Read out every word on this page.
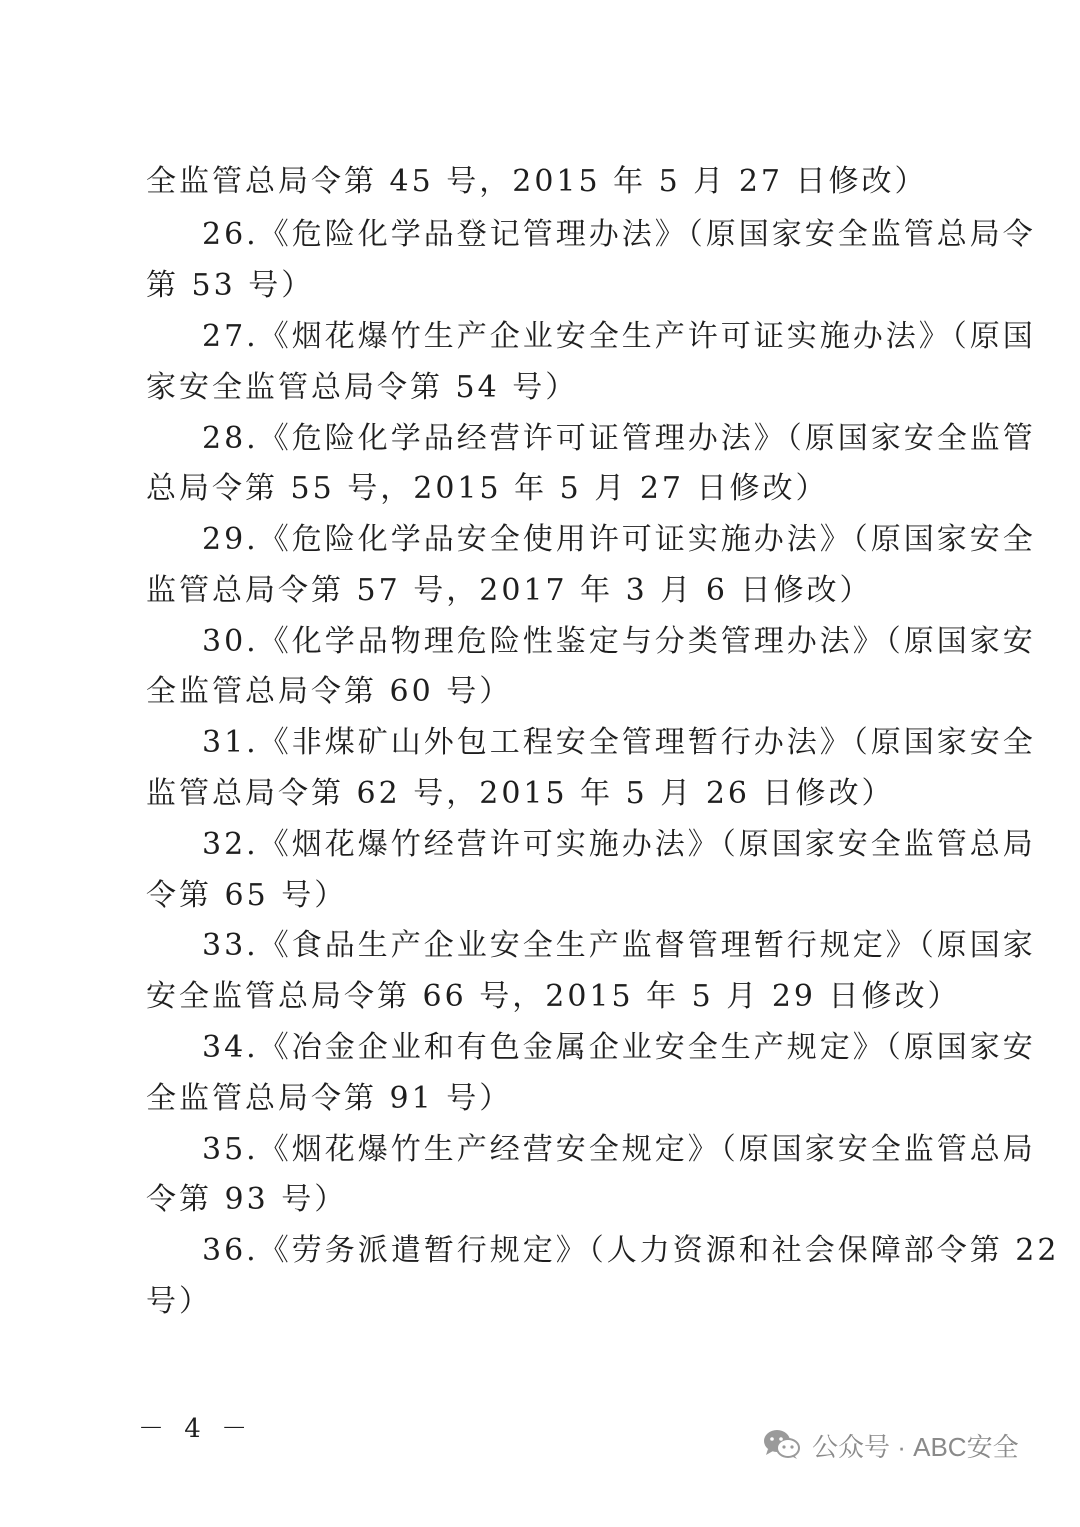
全监管总局令第 45 号，2015 年 5 月 27 日修改）
26.《危险化学品登记管理办法》（原国家安全监管总局令
第 53 号）
27.《烟花爆竹生产企业安全生产许可证实施办法》（原国
家安全监管总局令第 54 号）
28.《危险化学品经营许可证管理办法》（原国家安全监管
总局令第 55 号，2015 年 5 月 27 日修改）
29.《危险化学品安全使用许可证实施办法》（原国家安全
监管总局令第 57 号，2017 年 3 月 6 日修改）
30.《化学品物理危险性鉴定与分类管理办法》（原国家安
全监管总局令第 60 号）
31.《非煤矿山外包工程安全管理暂行办法》（原国家安全
监管总局令第 62 号，2015 年 5 月 26 日修改）
32.《烟花爆竹经营许可实施办法》（原国家安全监管总局
令第 65 号）
33.《食品生产企业安全生产监督管理暂行规定》（原国家
安全监管总局令第 66 号，2015 年 5 月 29 日修改）
34.《冶金企业和有色金属企业安全生产规定》（原国家安
全监管总局令第 91 号）
35.《烟花爆竹生产经营安全规定》（原国家安全监管总局
令第 93 号）
36.《劳务派遣暂行规定》（人力资源和社会保障部令第 22
号）
－ 4 －
公众号 · ABC安全
